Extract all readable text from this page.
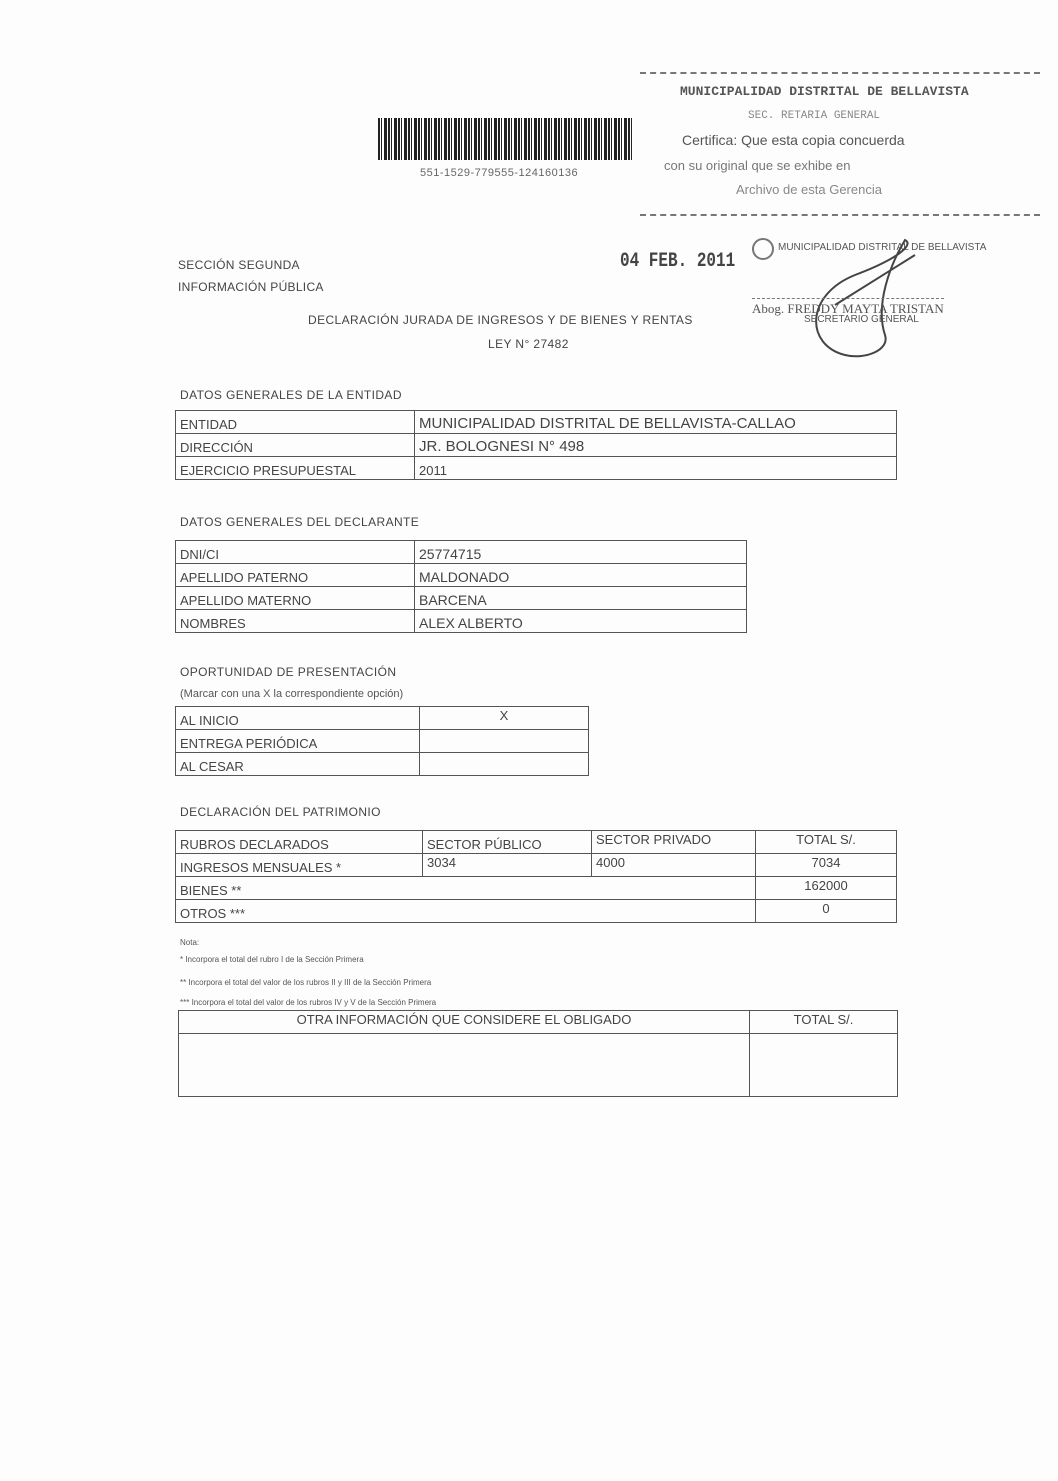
551-1529-779555-124160136
MUNICIPALIDAD DISTRITAL DE BELLAVISTA
SEC. RETARIA GENERAL
Certifica: Que esta copia concuerda
con su original que se exhibe en
Archivo de esta Gerencia
04 FEB. 2011
MUNICIPALIDAD DISTRITAL DE BELLAVISTA
Abog. FREDDY MAYTA TRISTAN
SECRETARIO GENERAL
SECCIÓN SEGUNDA
INFORMACIÓN PÚBLICA
DECLARACIÓN JURADA DE INGRESOS Y DE BIENES Y RENTAS
LEY N° 27482
DATOS GENERALES DE LA ENTIDAD
ENTIDAD	MUNICIPALIDAD DISTRITAL DE BELLAVISTA-CALLAO
DIRECCIÓN	JR. BOLOGNESI N° 498
EJERCICIO PRESUPUESTAL	2011
DATOS GENERALES DEL DECLARANTE
DNI/CI	25774715
APELLIDO PATERNO	MALDONADO
APELLIDO MATERNO	BARCENA
NOMBRES	ALEX ALBERTO
OPORTUNIDAD DE PRESENTACIÓN
(Marcar con una X la correspondiente opción)
AL INICIO	X
ENTREGA PERIÓDICA	
AL CESAR	
DECLARACIÓN DEL PATRIMONIO
RUBROS DECLARADOS	SECTOR PÚBLICO	SECTOR PRIVADO	TOTAL S/.
INGRESOS MENSUALES *	3034	4000	7034
BIENES **			162000
OTROS ***			0
Nota:
* Incorpora el total del rubro I de la Sección Primera
** Incorpora el total del valor de los rubros II y III de la Sección Primera
*** Incorpora el total del valor de los rubros IV y V de la Sección Primera
OTRA INFORMACIÓN QUE CONSIDERE EL OBLIGADO	TOTAL S/.
